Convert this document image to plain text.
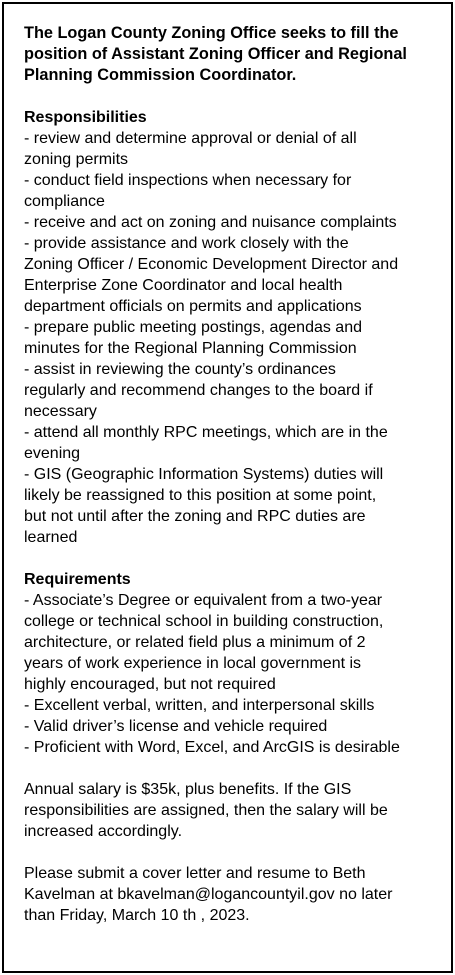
The Logan County Zoning Office seeks to fill the
position of Assistant Zoning Officer and Regional
Planning Commission Coordinator.
Responsibilities
- review and determine approval or denial of all
zoning permits
- conduct field inspections when necessary for
compliance
- receive and act on zoning and nuisance complaints
- provide assistance and work closely with the
Zoning Officer / Economic Development Director and
Enterprise Zone Coordinator and local health
department officials on permits and applications
- prepare public meeting postings, agendas and
minutes for the Regional Planning Commission
- assist in reviewing the county’s ordinances
regularly and recommend changes to the board if
necessary
- attend all monthly RPC meetings, which are in the
evening
- GIS (Geographic Information Systems) duties will
likely be reassigned to this position at some point,
but not until after the zoning and RPC duties are
learned
Requirements
- Associate’s Degree or equivalent from a two-year
college or technical school in building construction,
architecture, or related field plus a minimum of 2
years of work experience in local government is
highly encouraged, but not required
- Excellent verbal, written, and interpersonal skills
- Valid driver’s license and vehicle required
- Proficient with Word, Excel, and ArcGIS is desirable
Annual salary is $35k, plus benefits. If the GIS
responsibilities are assigned, then the salary will be
increased accordingly.
Please submit a cover letter and resume to Beth
Kavelman at bkavelman@logancountyil.gov no later
than Friday, March 10 th , 2023.
